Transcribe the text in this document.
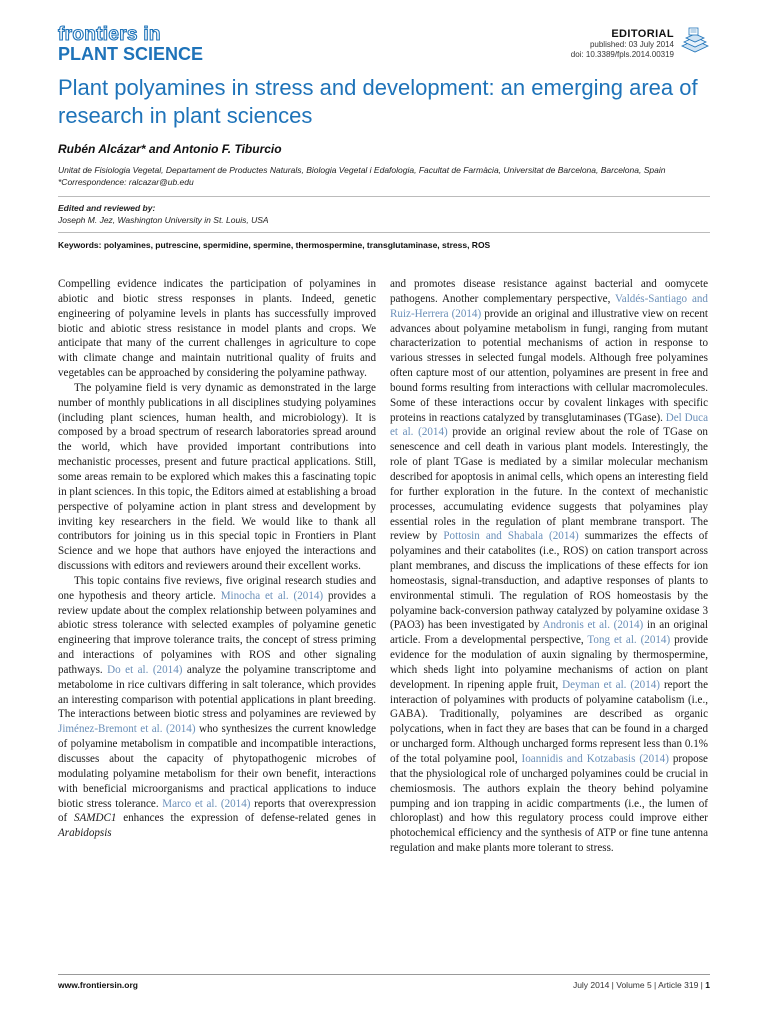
frontiers in
PLANT SCIENCE
EDITORIAL
published: 03 July 2014
doi: 10.3389/fpls.2014.00319
Plant polyamines in stress and development: an emerging area of research in plant sciences
Rubén Alcázar* and Antonio F. Tiburcio
Unitat de Fisiologia Vegetal, Departament de Productes Naturals, Biologia Vegetal i Edafologia, Facultat de Farmàcia, Universitat de Barcelona, Barcelona, Spain
*Correspondence: ralcazar@ub.edu
Edited and reviewed by:
Joseph M. Jez, Washington University in St. Louis, USA
Keywords: polyamines, putrescine, spermidine, spermine, thermospermine, transglutaminase, stress, ROS

Compelling evidence indicates the participation of polyamines in abiotic and biotic stress responses in plants. Indeed, genetic engineering of polyamine levels in plants has successfully improved biotic and abiotic stress resistance in model plants and crops. We anticipate that many of the current challenges in agriculture to cope with climate change and maintain nutritional quality of fruits and vegetables can be approached by considering the polyamine pathway.

The polyamine field is very dynamic as demonstrated in the large number of monthly publications in all disciplines studying polyamines (including plant sciences, human health, and microbiology). It is composed by a broad spectrum of research laboratories spread around the world, which have provided important contributions into mechanistic processes, present and future practical applications. Still, some areas remain to be explored which makes this a fascinating topic in plant sciences. In this topic, the Editors aimed at establishing a broad perspective of polyamine action in plant stress and development by inviting key researchers in the field. We would like to thank all contributors for joining us in this special topic in Frontiers in Plant Science and we hope that authors have enjoyed the interactions and discussions with editors and reviewers around their excellent works.

This topic contains five reviews, five original research studies and one hypothesis and theory article. Minocha et al. (2014) provides a review update about the complex relationship between polyamines and abiotic stress tolerance with selected examples of polyamine genetic engineering that improve tolerance traits, the concept of stress priming and interactions of polyamines with ROS and other signaling pathways. Do et al. (2014) analyze the polyamine transcriptome and metabolome in rice cultivars differing in salt tolerance, which provides an interesting comparison with potential applications in plant breeding. The interactions between biotic stress and polyamines are reviewed by Jiménez-Bremont et al. (2014) who synthesizes the current knowledge of polyamine metabolism in compatible and incompatible interactions, discusses about the capacity of phytopathogenic microbes of modulating polyamine metabolism for their own benefit, interactions with beneficial microorganisms and practical applications to induce biotic stress tolerance. Marco et al. (2014) reports that overexpression of SAMDC1 enhances the expression of defense-related genes in Arabidopsis

and promotes disease resistance against bacterial and oomycete pathogens. Another complementary perspective, Valdés-Santiago and Ruiz-Herrera (2014) provide an original and illustrative view on recent advances about polyamine metabolism in fungi, ranging from mutant characterization to potential mechanisms of action in response to various stresses in selected fungal models. Although free polyamines often capture most of our attention, polyamines are present in free and bound forms resulting from interactions with cellular macromolecules. Some of these interactions occur by covalent linkages with specific proteins in reactions catalyzed by transglutaminases (TGase). Del Duca et al. (2014) provide an original review about the role of TGase on senescence and cell death in various plant models. Interestingly, the role of plant TGase is mediated by a similar molecular mechanism described for apoptosis in animal cells, which opens an interesting field for further exploration in the future. In the context of mechanistic processes, accumulating evidence suggests that polyamines play essential roles in the regulation of plant membrane transport. The review by Pottosin and Shabala (2014) summarizes the effects of polyamines and their catabolites (i.e., ROS) on cation transport across plant membranes, and discuss the implications of these effects for ion homeostasis, signal-transduction, and adaptive responses of plants to environmental stimuli. The regulation of ROS homeostasis by the polyamine back-conversion pathway catalyzed by polyamine oxidase 3 (PAO3) has been investigated by Andronis et al. (2014) in an original article. From a developmental perspective, Tong et al. (2014) provide evidence for the modulation of auxin signaling by thermospermine, which sheds light into polyamine mechanisms of action on plant development. In ripening apple fruit, Deyman et al. (2014) report the interaction of polyamines with products of polyamine catabolism (i.e., GABA). Traditionally, polyamines are described as organic polycations, when in fact they are bases that can be found in a charged or uncharged form. Although uncharged forms represent less than 0.1% of the total polyamine pool, Ioannidis and Kotzabasis (2014) propose that the physiological role of uncharged polyamines could be crucial in chemiosmosis. The authors explain the theory behind polyamine pumping and ion trapping in acidic compartments (i.e., the lumen of chloroplast) and how this regulatory process could improve either photochemical efficiency and the synthesis of ATP or fine tune antenna regulation and make plants more tolerant to stress.

www.frontiersin.org	July 2014 | Volume 5 | Article 319 | 1
